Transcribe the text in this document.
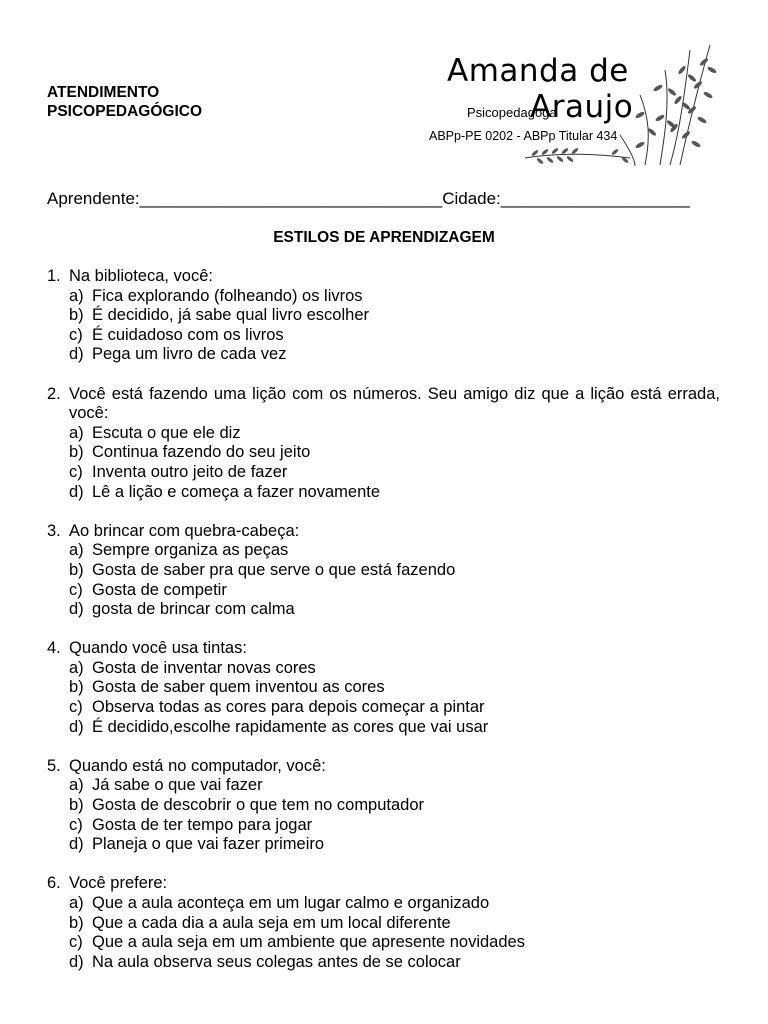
ATENDIMENTO
PSICOPEDAGÓGICO
Amanda de
Psicopedagoga
Araujo
ABPp-PE 0202 - ABPp Titular 434
Aprendente:________________________________Cidade:____________________
ESTILOS DE APRENDIZAGEM
1. Na biblioteca, você:
a) Fica explorando (folheando) os livros
b) É decidido, já sabe qual livro escolher
c) É cuidadoso com os livros
d) Pega um livro de cada vez
2. Você está fazendo uma lição com os números. Seu amigo diz que a lição está errada, você:
a) Escuta o que ele diz
b) Continua fazendo do seu jeito
c) Inventa outro jeito de fazer
d) Lê a lição e começa a fazer novamente
3. Ao brincar com quebra-cabeça:
a) Sempre organiza as peças
b) Gosta de saber pra que serve o que está fazendo
c) Gosta de competir
d) gosta de brincar com calma
4. Quando você usa tintas:
a) Gosta de inventar novas cores
b) Gosta de saber quem inventou as cores
c) Observa todas as cores para depois começar a pintar
d) É decidido,escolhe rapidamente as cores que vai usar
5. Quando está no computador, você:
a) Já sabe o que vai fazer
b) Gosta de descobrir o que tem no computador
c) Gosta de ter tempo para jogar
d) Planeja o que vai fazer primeiro
6. Você prefere:
a) Que a aula aconteça em um lugar calmo e organizado
b) Que a cada dia a aula seja em um local diferente
c) Que a aula seja em um ambiente que apresente novidades
d) Na aula observa seus colegas antes de se colocar
